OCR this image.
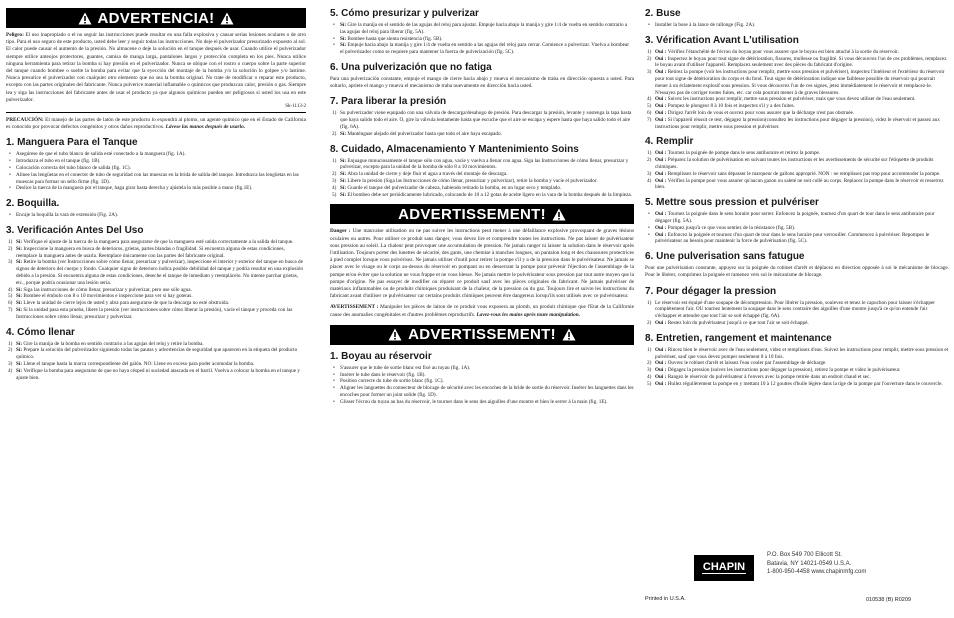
ADVERTENCIA!

Peligro: El uso inapropiado o el no seguir las instrucciones puede resultar en una falla explosiva y causar serias lesiones oculares o de otro tipo. Para el uso seguro de este producto, usted debe leer y seguir todas las instrucciones. No deje el pulverizador presurizado expuesto al sol. El calor puede causar el aumento de la presión. No almacene o deje la solución en el tanque después de usar. Cuando utilice el pulverizador siempre utilice anteojos protectores, guantes, camisa de manga larga, pantalones largos y protección completa en los pies. Nunca utilice ninguna herramienta para retirar la bomba si hay presión en el pulverizador. Nunca se ubique con el rostro o cuerpo sobre la parte superior del tanque cuando bombee o suelte la bomba para evitar que la eyección del montaje de la bomba y/o la solución lo golpee y/o lastime. Nunca presurice el pulverizador con cualquier otro elemento que no sea la bomba original. No trate de modificar o reparar este producto, excepto con las partes originales del fabricante. Nunca pulverice material inflamable o químicos que produzcan calor, presión o gas. Siempre lea y siga las instrucciones del fabricante antes de usar el producto ya que algunos químicos pueden ser peligrosos si usted los usa en este pulverizador.

Sk-1113-2

PRECAUCIÓN: El manejo de las partes de latón de este producto lo expondrá al plomo, un agente químico que en el Estado de California es conocido por provocar defectos congénitos y otros daños reproductivos. Lávese las manos después de usarlo.

1. Manguera Para el Tanque
• Asegúrese de que el tubo blanco de salida esté conectado a la manguera (fig. 1A).
• Introduzca el tubo en el tanque (fig. 1B).
• Colocación correcta del tubo blanco de salida (fig. 1C).
• Alinee las lengüetas en el conector de tubo de seguridad con las muescas en la brida de salida del tanque. Introduzca las lengüetas en las muescas para formar un sello firme (fig. 1D).
• Deslice la tuerca de la manguera por el tanque, haga girar hasta derecha y ajústela lo más posible a mano (fig.1E).
2. Boquilla.
• Encaje la boquilla la vara de extensión (Fig. 2A).
3. Verificación Antes Del Uso
1) Sí: Verifique el ajuste de la tuerca de la manguera para asegurarse de que la manguera esté unida correctamente a la salida del tanque.
2) Sí: Inspeccione la manguera en busca de deterioros, grietas, partes blandas o fragilidad. Si encuentra alguna de estas condiciones, reemplace la manguera antes de usarla. Reemplace únicamente con las partes del fabricante original.
3) Sí: Retire la bomba (ver Instrucciones sobre cómo llenar, presurizar y pulverizar), inspeccione el interior y exterior del tanque en busca de signos de deterioro del cuerpo y fondo. Cualquier signo de deterioro indica posible debilidad del tanque y podría resultar en una explosión debido a la presión. Si encuentra alguna de estas condiciones, deseche el tanque de inmediato y reemplácelo. No intente parchar grietas, etc., porque podría ocasionar una lesión seria.
4) Sí: Siga las instrucciones de cómo llenar, presurizar y pulverizar, pero use sólo agua.
5) Sí: Bombee el émbolo con 8 o 10 movimientos e inspeccione para ver si hay goteras.
6) Sí: Lleve la unidad de cierre lejos de usted y abra para asegurarse de que la descarga no esté obstruida.
7) Sí: Si la unidad pasa esta prueba, libere la presión (ver instrucciones sobre cómo liberar la presión), vacíe el tanque y proceda con las Instrucciones sobre cómo llenar, presurizar y pulverizar.
4. Cómo llenar
1) Sí: Gire la manija de la bomba en sentido contrario a las agujas del reloj y retire la bomba.
2) Sí: Prepare la solución del pulverizador siguiendo todas las pautas y advertencias de seguridad que aparecen en la etiqueta del producto químico.
3) Sí: Llene el tanque hasta la marca correspondiente del galón. NO: Llene en exceso para poder acomodar la bomba.
4) Sí: Verifique la bomba para asegurarse de que no haya césped ni suciedad atascada en el barril. Vuelva a colocar la bomba en el tanque y ajuste bien.
5. Cómo presurizar y pulverizar
• Sí: Gire la manija en el sentido de las agujas del reloj para ajustar. Empuje hacia abajo la manija y gire 1/4 de vuelta en sentido contrario a las agujas del reloj para liberar (fig. 5A).
• Sí: Bombee hasta que sienta resistencia (fig. 5B).
• Sí: Empuje hacia abajo la manija y gire 1/4 de vuelta en sentido a las agujas del reloj para cerrar. Comience a pulverizar. Vuelva a bombear el pulverizador como se requiere para mantener la fuerza de pulverización (fig. 5C).
6. Una pulverización que no fatiga

Para una pulverización constante, empuje el mango de cierre hacia abajo y mueva el mecanismo de traba en dirección opuesta a usted. Para soltarlo, apriete el mango y mueva el mecanismo de traba nuevamente en dirección hacia usted.

7. Para liberar la presión
1) Su pulverizador viene equipado con una válvula de descarga/desahogo de presión. Para descargar la presión, levante y sostenga la tapa hasta que haya salido todo el aire. O, gire la válvula lentamente hasta que escuche que el aire se escapa y espere hasta que haya salido todo el aire (fig. 6A).
2) Sí: Manténgase alejado del pulverizador hasta que todo el aire haya escapado.
8. Cuidado, Almacenamiento Y Mantenimiento Soins
1) Sí: Enjuague minuciosamente el tanque sólo con agua, vacíe y vuelva a llenar con agua. Siga las Instrucciones de cómo llenar, presurizar y pulverizar, excepto para la unidad de la bomba de sólo 8 a 10 movimientos.
2) Sí: Abra la unidad de cierre y deje fluir el agua a través del montaje de descarga.
3) Sí: Libere la presión (Siga las Instrucciones de cómo llenar, presurizar y pulverizar), retire la bomba y vacíe el pulverizador.
4) Sí: Guarde el tanque del pulverizador de cabeza, habiendo retirado la bomba, en un lugar seco y templado.
5) Sí: El bombeo debe ser periódicamente lubricado, colocando de 10 a 12 gotas de aceite ligero en la vara de la bomba después de la limpieza.
ADVERTISSEMENT!

Danger : Une mauvaise utilisation ou ne pas suivre les instructions peut mener à une défaillance explosive provoquant de graves lésions oculaires ou autres. Pour utiliser ce produit sans danger, vous devez lire et comprendre toutes les instructions. Ne pas laisser de pulvérisateur sous pression au soleil. La chaleur peut provoquer une accumulation de pression. Ne jamais ranger ni laisser la solution dans le réservoir après l'utilisation. Toujours porter des lunettes de sécurité, des gants, une chemise à manches longues, un pantalon long et des chaussures protectrices à pied complet lorsque vous pulvérisez. Ne jamais utiliser d'outil pour retirer la pompe s'il y a de la pression dans le pulvérisateur. Ne jamais se placer avec le visage ou le corps au-dessus du réservoir en pompant ou en desserrant la pompe pour prévenir l'éjection de l'assemblage de la pompe et/ou éviter que la solution ne vous frappe et ne vous blesse. Ne jamais mettre le pulvérisateur sous pression par tout autre moyen que la pompe d'origine. Ne pas essayer de modifier ou réparer ce produit sauf avec les pièces originales du fabricant. Ne jamais pulvériser de matériaux inflammables ou de produits chimiques produisant de la chaleur, de la pression ou du gaz. Toujours lire et suivre les instructions du fabricant avant d'utiliser ce pulvérisateur car certains produits chimiques peuvent être dangereux lorsqu'ils sont utilisés avec ce pulvérisateur.

AVERTISSEMENT : Manipuler les pièces de laiton de ce produit vous exposera au plomb, un produit chimique que l'Etat de la Californie cause des anomalies congénitales et d'autres problèmes reproductifs. Lavez-vous les mains après toute manipulation.

ADVERTISSEMENT!
1. Boyau au réservoir
• S'assurer que le tube de sortie blanc est fixé au tuyau (fig. 1A).
• Insérer le tube dans le réservoir (fig. 1B).
• Position correcte du tube de sortie blanc (fig. 1C).
• Aligner les languettes du connecteur de blocage de sécurité avec les encoches de la bride de sortie du réservoir. Insérer les languettes dans les encoches pour former un joint solide (fig. 1D).
• Glisser l'écrou du tuyau au bas du réservoir, le tourner dans le sens des aiguilles d'une montre et bien le serrer à la main (fig. 1E).
2. Buse
• Installer la buse à la lance de rallonge (Fig. 2A).
3. Vérification Avant L'utilisation
1) Oui : Vérifiez l'étanchéité de l'écrou du boyau pour vous assurer que le boyau est bien attaché à la sortie du réservoir.
2) Oui : Inspectez le boyau pour tout signe de détérioration, fissures, mollesse ou fragilité. Si vous découvrez l'un de ces problèmes, remplacez le boyau avant d'utiliser l'appareil. Remplacez seulement avec des pièces du fabricant d'origine.
3) Oui : Retirez la pompe (voir les instructions pour remplir, mettre sous pression et pulvériser), inspectez l'intérieur et l'extérieur du réservoir pour tout signe de détérioration du corps et du fond. Tout signe de détérioration indique une faiblesse possible du réservoir qui pourrait mener à un éclatement explosif sous pression. Si vous découvrez l'un de ces signes, jetez immédiatement le réservoir et remplacez-le. N'essayez pas de corriger toutes fuites, etc. car cela pourrait mener à de graves blessures.
4) Oui : Suivez les instructions pour remplir, mettre sous pression et pulvériser, mais que vous devez utiliser de l'eau seulement.
5) Oui : Pompez le plongeur 8 à 10 fois et inspectez s'il y a des fuites.
6) Oui : Dirigez l'arrêt loin de vous et ouvrez pour vous assurer que la décharge n'est pas obstruée.
7) Oui : Si l'appareil réussit ce test, dégagez la pression(consultez les instructions pour dégager la pression), videz le réservoir et passez aux instructions pour remplir, mettre sous pression et pulvériser.
4. Remplir
1) Oui : Tournez la poignée de pompe dans le sens antihoraire et retirez la pompe.
2) Oui : Préparez la solution de pulvérisation en suivant toutes les instructions et les avertissements de sécurité sur l'étiquette de produits chimiques.
3) Oui : Remplissez le réservoir sans dépasser le marqueur de gallons approprié. NON : ne remplissez pas trop pour accommoder la pompe.
4) Oui : Vérifiez la pompe pour vous assurer qu'aucun gazon ou saleté ne soit collé au corps. Replacez la pompe dans le réservoir et resserrez bien.
5. Mettre sous pression et pulvériser
• Oui : Tournez la poignée dans le sens horaire pour serrer. Enfoncez la poignée, tournez d'un quart de tour dans le sens antihoraire pour dégager (fig. 5A).
• Oui : Pompez jusqu'à ce que vous sentiez de la résistance (fig. 5B).
• Oui : Enfoncez la poignée et tournez d'un quart de tour dans le sens horaire pour verrouiller. Commencez à pulvériser. Repompez le pulvérisateur au besoin pour maintenir la force de pulvérisation (fig. 5C).
6. Une pulverisation sans fatugue

Pour une pulvérisation constante, appuyez sur la poignée du robinet d'arrêt et déplacez en direction opposée à soi le mécanisme de blocage. Pour le libérer, comprimez la poignée et ramenez vers soi le mécanisme de blocage.

7. Pour dégager la pression
1) Le réservoir est équipé d'une soupape de décompression. Pour libérer la pression, soulevez et tenez le capuchon pour laisser s'échapper complètement l'air. OU tournez lentement la soupape dans le sens contraire des aiguilles d'une montre jusqu'à ce qu'on entende l'air s'échapper et attendre que tout l'air se soit échappé (fig. 6A).
2) Oui : Restez loin du pulvérisateur jusqu'à ce que tout l'air se soit échappé.
8. Entretien, rangement et maintenance
1) Oui : Rincez bien le réservoir avec de l'eau seulement, videz et remplissez d'eau. Suivez les instructions pour remplir, mettre sous pression et pulvériser, sauf que vous devez pomper seulement 8 à 10 fois.
2) Oui : Ouvrez le robinet d'arrêt et laissez l'eau couler par l'assemblage de décharge.
3) Oui : Dégagez la pression (suivez les instructions pour dégager la pression), retirez la pompe et videz le pulvérisateur.
4) Oui : Rangez le réservoir du pulvérisateur à l'envers avec la pompe retirée dans un endroit chaud et sec.
5) Oui : Huilez régulièrement la pompe en y mettant 10 à 12 gouttes d'huile légère dans la tige de la pompe par l'ouverture dans le couvercle.
CHAPIN
P.O. Box 549 700 Ellicott St.
Batavia, NY 14021-0549 U.S.A.
1-800-950-4458 www.chapinmfg.com
Printed in U.S.A.	010538 (B) R0209
